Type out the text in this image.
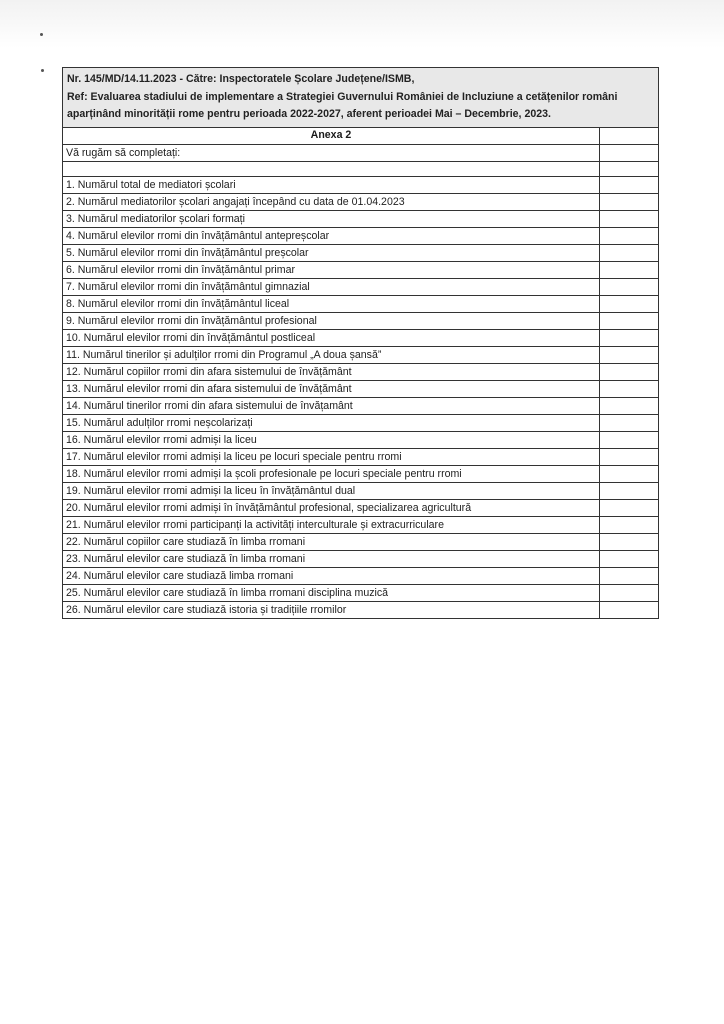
Nr. 145/MD/14.11.2023 - Către: Inspectoratele Școlare Județene/ISMB,
Ref: Evaluarea stadiului de implementare a Strategiei Guvernului României de Incluziune a cetățenilor români aparținând minorității rome pentru perioada 2022-2027, aferent perioadei Mai – Decembrie, 2023.	

Anexa 2	
Vă rugăm să completați:	

1. Numărul total de mediatori școlari	
2. Numărul mediatorilor școlari angajați începând cu data de 01.04.2023	
3. Numărul mediatorilor școlari formați	
4. Numărul elevilor rromi din învățământul antepreșcolar	
5. Numărul elevilor rromi din învățământul preșcolar	
6. Numărul elevilor rromi din învățământul primar	
7. Numărul elevilor rromi din învățământul gimnazial	
8. Numărul elevilor rromi din învățământul liceal	
9. Numărul elevilor rromi din învățământul profesional	
10. Numărul elevilor rromi din învățământul postliceal	
11. Numărul tinerilor și adulților rromi din Programul „A doua șansă”	
12. Numărul copiilor rromi din afara sistemului de învățământ	
13. Numărul elevilor rromi din afara sistemului de învățământ	
14. Numărul tinerilor rromi din afara sistemului de învățamânt	
15. Numărul adulților rromi neșcolarizați	
16. Numărul elevilor rromi admiși la liceu	
17. Numărul elevilor rromi admiși la liceu pe locuri speciale pentru rromi	
18. Numărul elevilor rromi admiși la școli profesionale pe locuri speciale pentru rromi	
19. Numărul elevilor rromi admiși la liceu în învățământul dual	
20. Numărul elevilor rromi admiși în învățământul profesional, specializarea agricultură	
21. Numărul elevilor rromi participanți la activități interculturale și extracurriculare	
22. Numărul copiilor care studiază în limba rromani	
23. Numărul elevilor care studiază în limba rromani	
24. Numărul elevilor care studiază limba rromani	
25. Numărul elevilor care studiază în limba rromani disciplina muzică	
26. Numărul elevilor care studiază istoria și tradițiile rromilor	
